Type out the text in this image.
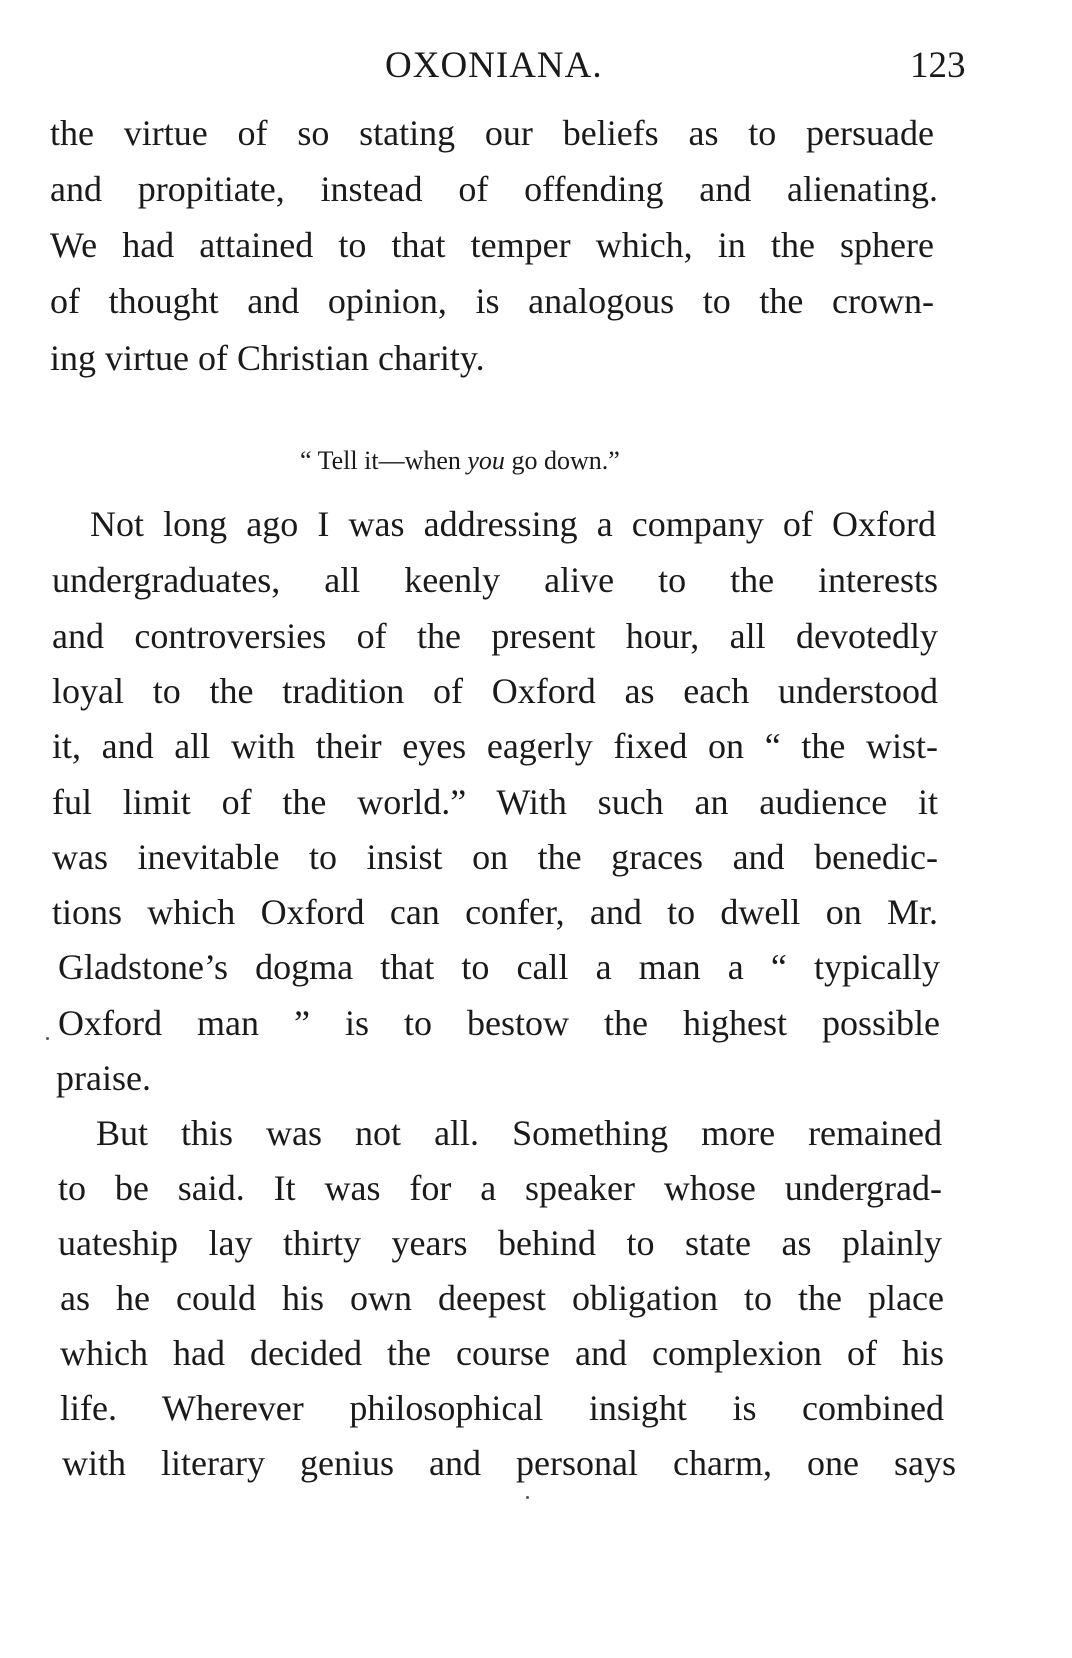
OXONIANA.	123
the virtue of so stating our beliefs as to persuade
and propitiate, instead of offending and alienating.
We had attained to that temper which, in the sphere
of thought and opinion, is analogous to the crown-
ing virtue of Christian charity.
“ Tell it—when you go down.”
Not long ago I was addressing a company of Oxford
undergraduates, all keenly alive to the interests
and controversies of the present hour, all devotedly
loyal to the tradition of Oxford as each understood
it, and all with their eyes eagerly fixed on “ the wist-
ful limit of the world.” With such an audience it
was inevitable to insist on the graces and benedic-
tions which Oxford can confer, and to dwell on Mr.
Gladstone’s dogma that to call a man a “ typically
Oxford man ” is to bestow the highest possible
praise.
But this was not all. Something more remained
to be said. It was for a speaker whose undergrad-
uateship lay thirty years behind to state as plainly
as he could his own deepest obligation to the place
which had decided the course and complexion of his
life. Wherever philosophical insight is combined
with literary genius and personal charm, one says
